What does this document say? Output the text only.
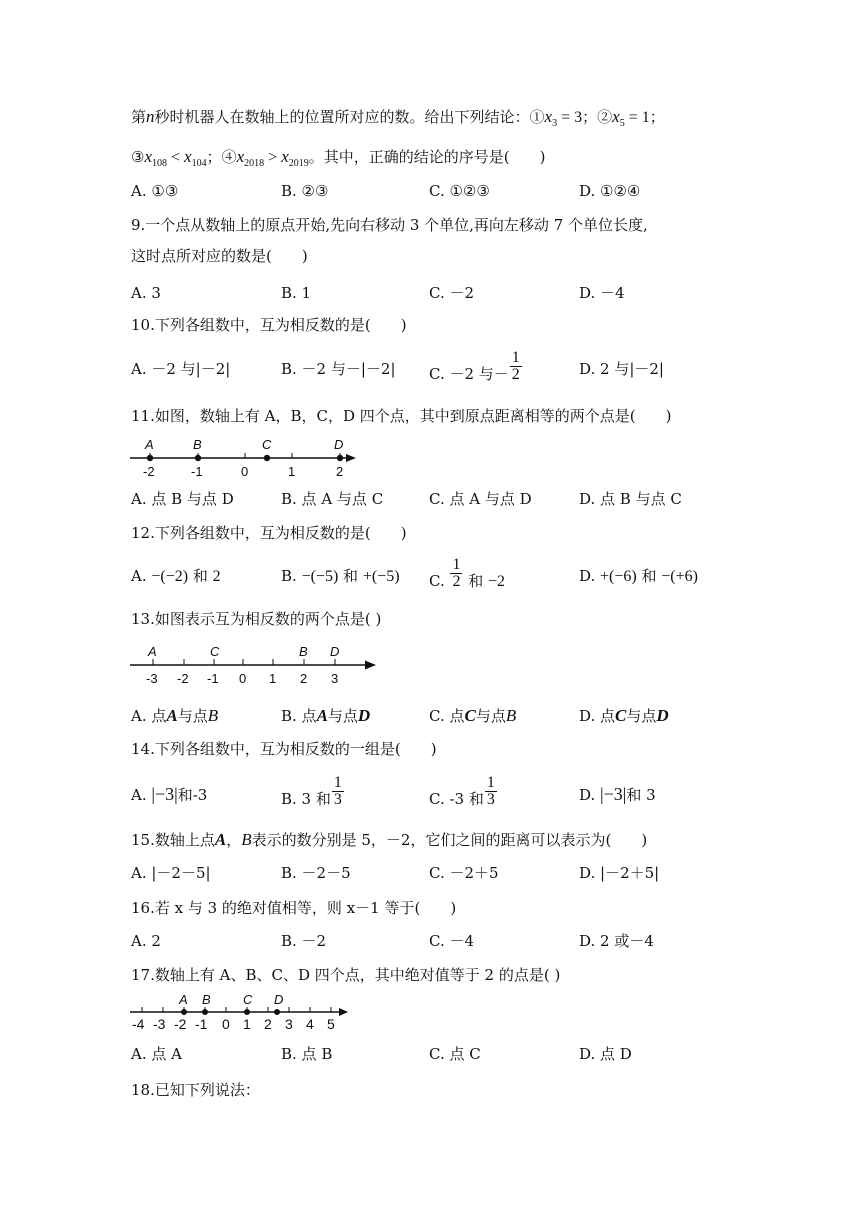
第n秒时机器人在数轴上的位置所对应的数。给出下列结论：$①x_3 = 3$；$②x_5 = 1$；
$③x_{108} < x_{104}$；$④x_{2018} > x_{2019}$。其中，正确的结论的序号是(　　)
A. ①③	B. ②③	C. ①②③	D. ①②④
9.一个点从数轴上的原点开始,先向右移动 3 个单位,再向左移动 7 个单位长度,
这时点所对应的数是(　　)
A. 3	B. 1	C. －2	D. －4
10.下列各组数中，互为相反数的是(　　)
A. －2 与|－2|	B. －2 与－|－2| C. －2 与－ $\frac{1}{2}$	D. 2 与|－2|
11.如图，数轴上有 A，B，C，D 四个点，其中到原点距离相等的两个点是(　　)
A	B	C	D
-2	-1	0	1	2
A. 点 B 与点 D	B. 点 A 与点 C	C. 点 A 与点 D	D. 点 B 与点 C
12.下列各组数中，互为相反数的是(　　)
A. −(−2) 和 2	B. −(−5) 和 +(−5) C. $\frac{1}{2}$ 和 −2	D. +(−6) 和 −(+6)
13.如图表示互为相反数的两个点是( )
A	C	B D
-3 -2 -1 0 1 2 3
A. 点A与点B	B. 点A与点D	C. 点C与点B	D. 点C与点D
14.下列各组数中，互为相反数的一组是(　　)
A. |−3|和-3	B. 3 和 $\frac{1}{3}$	C. -3 和 $\frac{1}{3}$	D. |−3|和 3
15.数轴上点A，B表示的数分别是 5，－2，它们之间的距离可以表示为(　　)
A. |－2－5|	B. －2－5	C. －2＋5	D. |－2＋5|
16.若 x 与 3 的绝对值相等，则 x－1 等于(　　)
A. 2	B. －2	C. －4	D. 2 或－4
17.数轴上有 A、B、C、D 四个点，其中绝对值等于 2 的点是( )
A B C D
-4 -3 -2 -1 0 1 2 3 4 5
A. 点 A	B. 点 B	C. 点 C	D. 点 D
18.已知下列说法：
